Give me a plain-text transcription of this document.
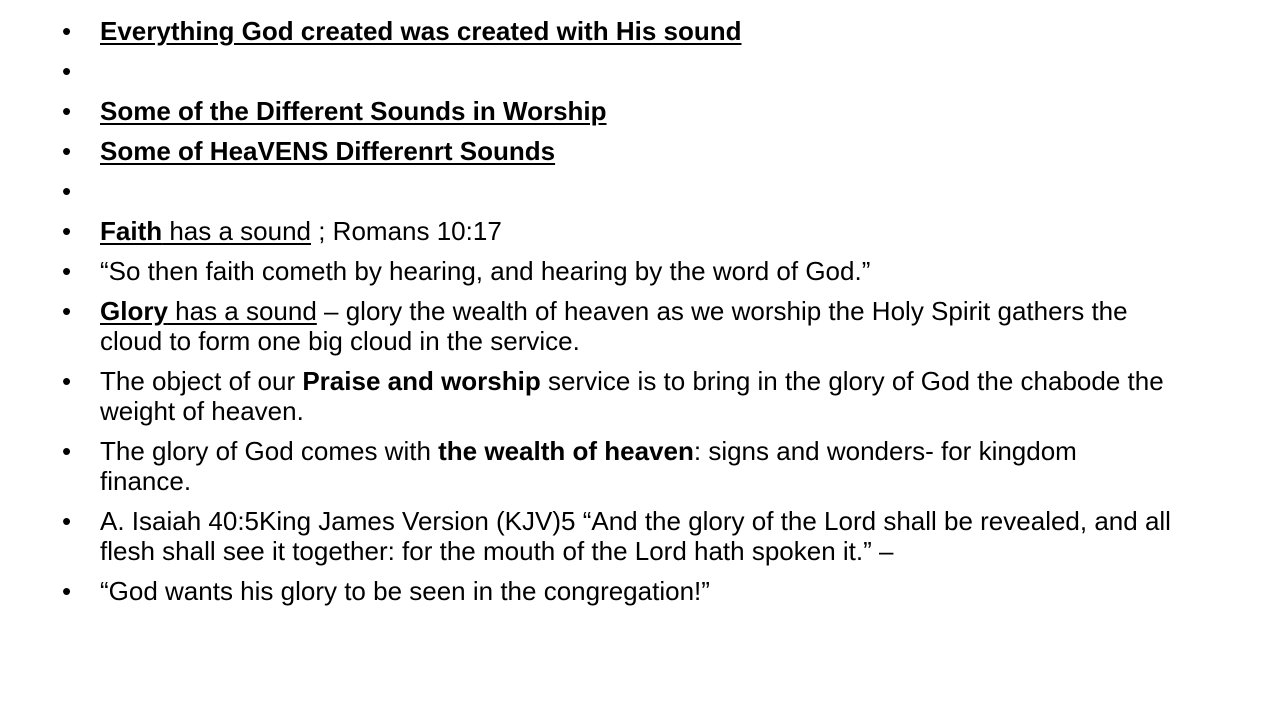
•	Everything God created was created with His sound
•
•	Some of the Different Sounds in Worship
•	Some of HeaVENS Differenrt Sounds
•
•	Faith has a sound ; Romans 10:17
•	“So then faith cometh by hearing, and hearing by the word of God.”
•	Glory has a sound – glory the wealth of heaven as we worship the Holy Spirit gathers the cloud to form one big cloud in the service.
•	The object of our Praise and worship service is to bring in the glory of God the chabode the weight of heaven.
•	The glory of God comes with the wealth of heaven: signs and wonders- for kingdom finance.
•	A. Isaiah 40:5King James Version (KJV)5 “And the glory of the Lord shall be revealed, and all flesh shall see it together: for the mouth of the Lord hath spoken it.” –
•	“God wants his glory to be seen in the congregation!”
